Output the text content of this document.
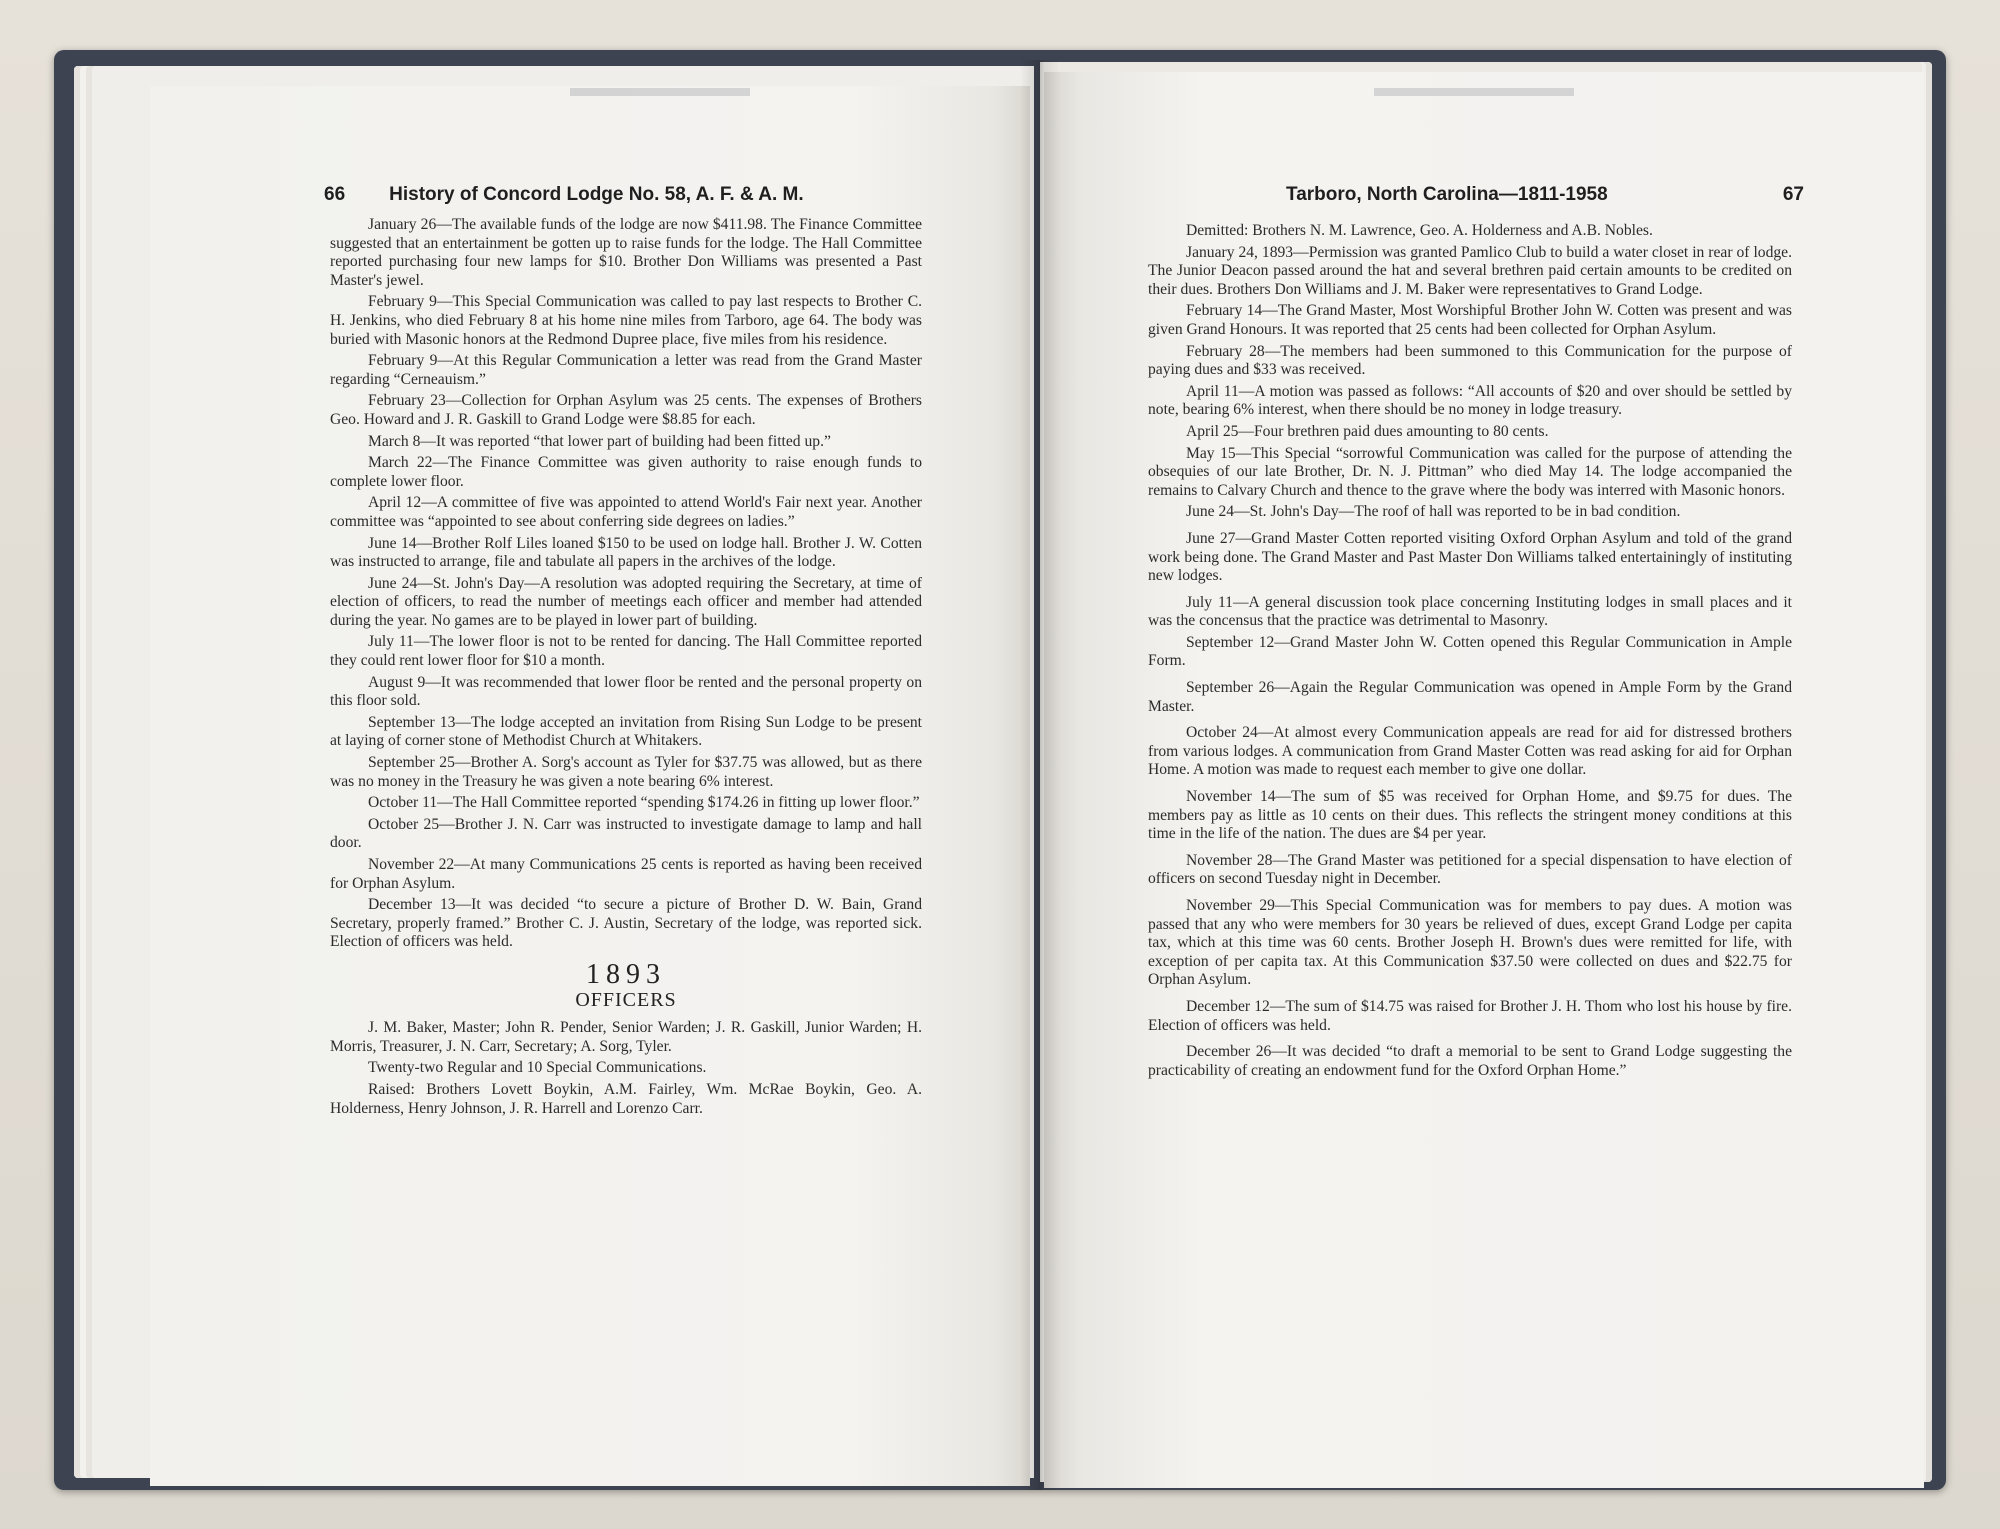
66 History of Concord Lodge No. 58, A. F. & A. M.

January 26—The available funds of the lodge are now $411.98. The Finance Committee suggested that an entertainment be gotten up to raise funds for the lodge. The Hall Committee reported purchasing four new lamps for $10. Brother Don Williams was presented a Past Master's jewel.

February 9—This Special Communication was called to pay last respects to Brother C. H. Jenkins, who died February 8 at his home nine miles from Tarboro, age 64. The body was buried with Masonic honors at the Redmond Dupree place, five miles from his residence.

February 9—At this Regular Communication a letter was read from the Grand Master regarding “Cerneauism.”

February 23—Collection for Orphan Asylum was 25 cents. The expenses of Brothers Geo. Howard and J. R. Gaskill to Grand Lodge were $8.85 for each.

March 8—It was reported “that lower part of building had been fitted up.”

March 22—The Finance Committee was given authority to raise enough funds to complete lower floor.

April 12—A committee of five was appointed to attend World's Fair next year. Another committee was “appointed to see about conferring side degrees on ladies.”

June 14—Brother Rolf Liles loaned $150 to be used on lodge hall. Brother J. W. Cotten was instructed to arrange, file and tabulate all papers in the archives of the lodge.

June 24—St. John's Day—A resolution was adopted requiring the Secretary, at time of election of officers, to read the number of meetings each officer and member had attended during the year. No games are to be played in lower part of building.

July 11—The lower floor is not to be rented for dancing. The Hall Committee reported they could rent lower floor for $10 a month.

August 9—It was recommended that lower floor be rented and the personal property on this floor sold.

September 13—The lodge accepted an invitation from Rising Sun Lodge to be present at laying of corner stone of Methodist Church at Whitakers.

September 25—Brother A. Sorg's account as Tyler for $37.75 was allowed, but as there was no money in the Treasury he was given a note bearing 6% interest.

October 11—The Hall Committee reported “spending $174.26 in fitting up lower floor.”

October 25—Brother J. N. Carr was instructed to investigate damage to lamp and hall door.

November 22—At many Communications 25 cents is reported as having been received for Orphan Asylum.

December 13—It was decided “to secure a picture of Brother D. W. Bain, Grand Secretary, properly framed.” Brother C. J. Austin, Secretary of the lodge, was reported sick. Election of officers was held.

1893
OFFICERS

J. M. Baker, Master; John R. Pender, Senior Warden; J. R. Gaskill, Junior Warden; H. Morris, Treasurer, J. N. Carr, Secretary; A. Sorg, Tyler.

Twenty-two Regular and 10 Special Communications.

Raised: Brothers Lovett Boykin, A.M. Fairley, Wm. McRae Boykin, Geo. A. Holderness, Henry Johnson, J. R. Harrell and Lorenzo Carr.

Tarboro, North Carolina—1811-1958	67

Demitted: Brothers N. M. Lawrence, Geo. A. Holderness and A.B. Nobles.

January 24, 1893—Permission was granted Pamlico Club to build a water closet in rear of lodge. The Junior Deacon passed around the hat and several brethren paid certain amounts to be credited on their dues. Brothers Don Williams and J. M. Baker were representatives to Grand Lodge.

February 14—The Grand Master, Most Worshipful Brother John W. Cotten was present and was given Grand Honours. It was reported that 25 cents had been collected for Orphan Asylum.

February 28—The members had been summoned to this Communication for the purpose of paying dues and $33 was received.

April 11—A motion was passed as follows: “All accounts of $20 and over should be settled by note, bearing 6% interest, when there should be no money in lodge treasury.

April 25—Four brethren paid dues amounting to 80 cents.

May 15—This Special “sorrowful Communication was called for the purpose of attending the obsequies of our late Brother, Dr. N. J. Pittman” who died May 14. The lodge accompanied the remains to Calvary Church and thence to the grave where the body was interred with Masonic honors.

June 24—St. John's Day—The roof of hall was reported to be in bad condition.

June 27—Grand Master Cotten reported visiting Oxford Orphan Asylum and told of the grand work being done. The Grand Master and Past Master Don Williams talked entertainingly of instituting new lodges.

July 11—A general discussion took place concerning Instituting lodges in small places and it was the concensus that the practice was detrimental to Masonry.

September 12—Grand Master John W. Cotten opened this Regular Communication in Ample Form.

September 26—Again the Regular Communication was opened in Ample Form by the Grand Master.

October 24—At almost every Communication appeals are read for aid for distressed brothers from various lodges. A communication from Grand Master Cotten was read asking for aid for Orphan Home. A motion was made to request each member to give one dollar.

November 14—The sum of $5 was received for Orphan Home, and $9.75 for dues. The members pay as little as 10 cents on their dues. This reflects the stringent money conditions at this time in the life of the nation. The dues are $4 per year.

November 28—The Grand Master was petitioned for a special dispensation to have election of officers on second Tuesday night in December.

November 29—This Special Communication was for members to pay dues. A motion was passed that any who were members for 30 years be relieved of dues, except Grand Lodge per capita tax, which at this time was 60 cents. Brother Joseph H. Brown's dues were remitted for life, with exception of per capita tax. At this Communication $37.50 were collected on dues and $22.75 for Orphan Asylum.

December 12—The sum of $14.75 was raised for Brother J. H. Thom who lost his house by fire. Election of officers was held.

December 26—It was decided “to draft a memorial to be sent to Grand Lodge suggesting the practicability of creating an endowment fund for the Oxford Orphan Home.”
